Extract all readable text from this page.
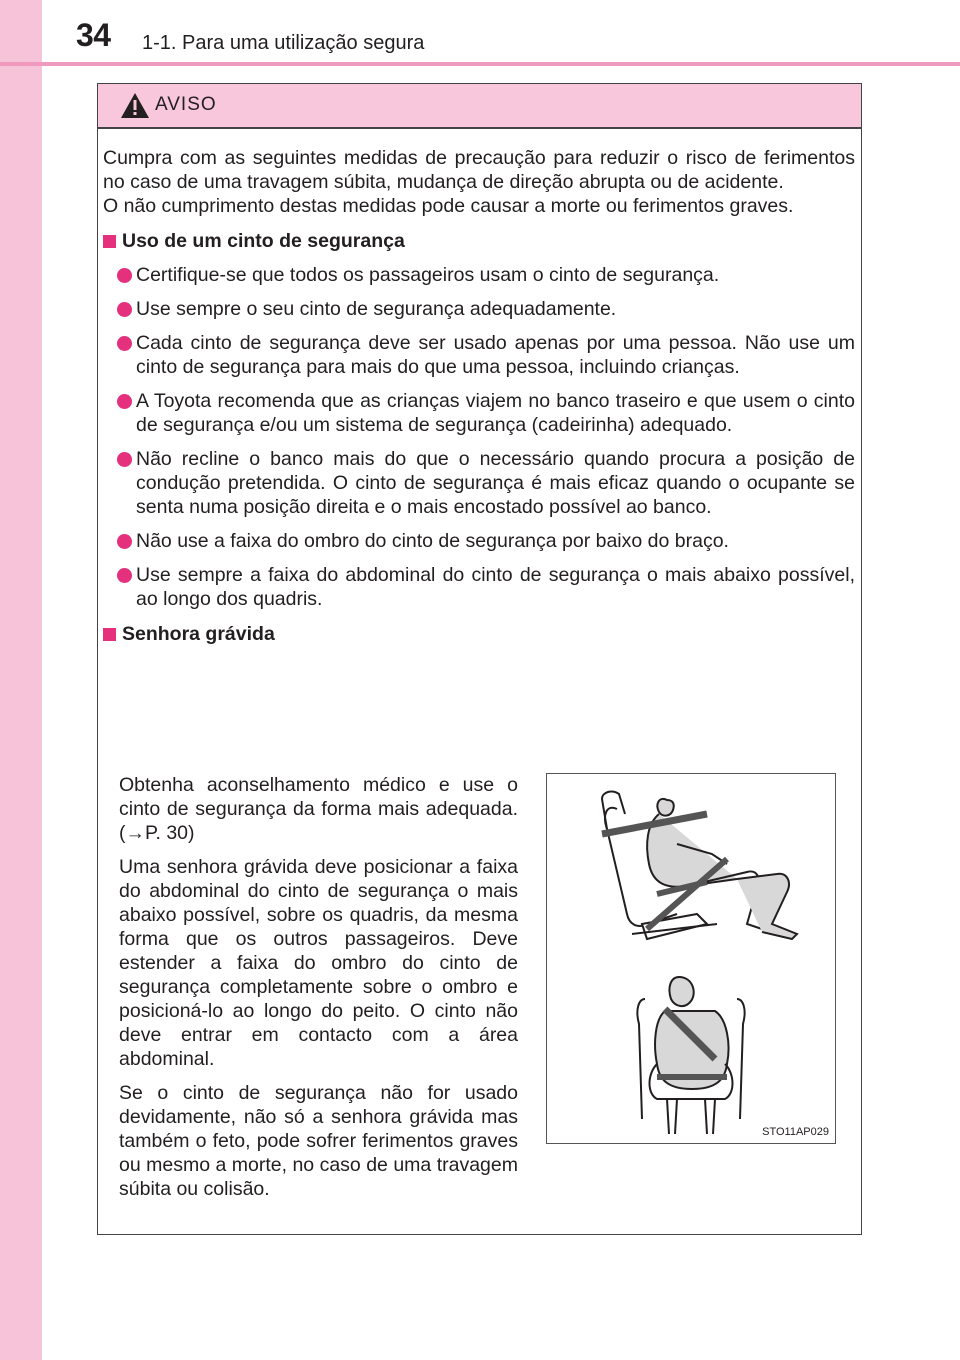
34 1-1. Para uma utilização segura
AVISO

Cumpra com as seguintes medidas de precaução para reduzir o risco de ferimentos no caso de uma travagem súbita, mudança de direção abrupta ou de acidente.

O não cumprimento destas medidas pode causar a morte ou ferimentos graves.

Uso de um cinto de segurança

Certifique-se que todos os passageiros usam o cinto de segurança.

Use sempre o seu cinto de segurança adequadamente.

Cada cinto de segurança deve ser usado apenas por uma pessoa. Não use um cinto de segurança para mais do que uma pessoa, incluindo crianças.

A Toyota recomenda que as crianças viajem no banco traseiro e que usem o cinto de segurança e/ou um sistema de segurança (cadeirinha) adequado.

Não recline o banco mais do que o necessário quando procura a posição de condução pretendida. O cinto de segurança é mais eficaz quando o ocupante se senta numa posição direita e o mais encostado possível ao banco.

Não use a faixa do ombro do cinto de segurança por baixo do braço.

Use sempre a faixa do abdominal do cinto de segurança o mais abaixo possível, ao longo dos quadris.

Senhora grávida

Obtenha aconselhamento médico e use o cinto de segurança da forma mais adequada. (→P. 30)

Uma senhora grávida deve posicionar a faixa do abdominal do cinto de segurança o mais abaixo possível, sobre os quadris, da mesma forma que os outros passageiros. Deve estender a faixa do ombro do cinto de segurança completamente sobre o ombro e posicioná-lo ao longo do peito. O cinto não deve entrar em contacto com a área abdominal.

Se o cinto de segurança não for usado devidamente, não só a senhora grávida mas também o feto, pode sofrer ferimentos graves ou mesmo a morte, no caso de uma travagem súbita ou colisão.

STO11AP029
